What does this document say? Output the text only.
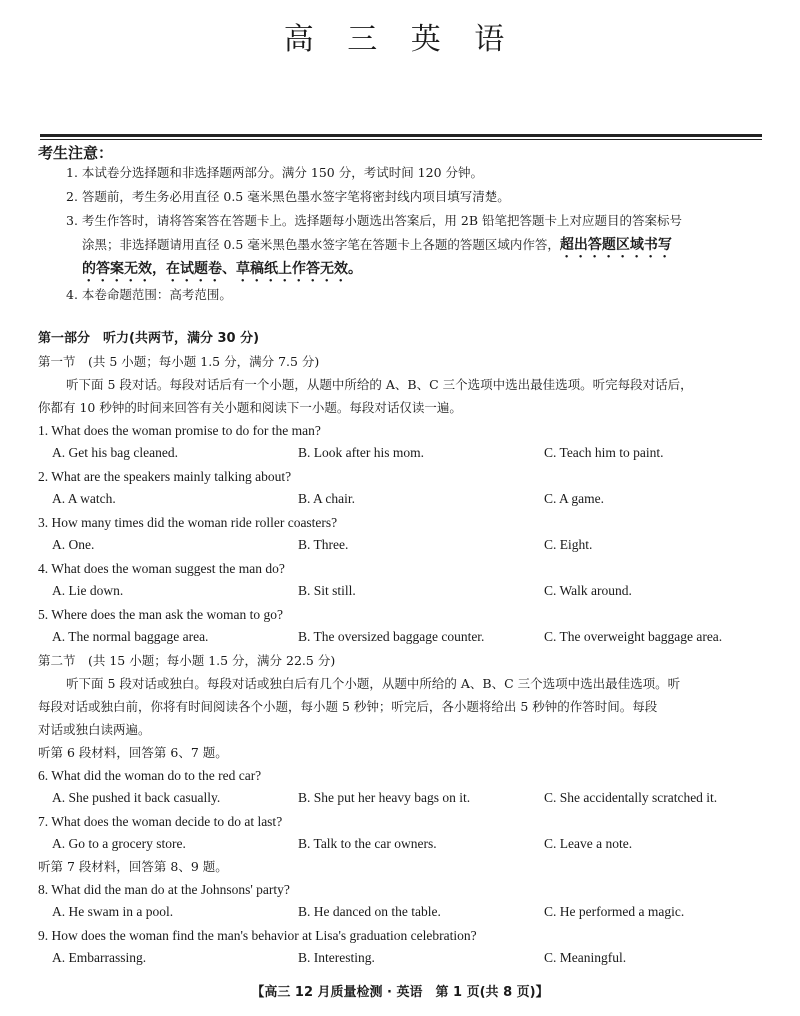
高 三 英 语
考生注意：
1. 本试卷分选择题和非选择题两部分。满分 150 分，考试时间 120 分钟。
2. 答题前，考生务必用直径 0.5 毫米黑色墨水签字笔将密封线内项目填写清楚。
3. 考生作答时，请将答案答在答题卡上。选择题每小题选出答案后，用 2B 铅笔把答题卡上对应题目的答案标号
涂黑；非选择题请用直径 0.5 毫米黑色墨水签字笔在答题卡上各题的答题区域内作答，超出答题区域书写
的答案无效，在试题卷、草稿纸上作答无效。
4. 本卷命题范围：高考范围。
第一部分　听力(共两节，满分 30 分)
第一节　(共 5 小题；每小题 1.5 分，满分 7.5 分)
听下面 5 段对话。每段对话后有一个小题，从题中所给的 A、B、C 三个选项中选出最佳选项。听完每段对话后，
你都有 10 秒钟的时间来回答有关小题和阅读下一小题。每段对话仅读一遍。
1. What does the woman promise to do for the man?
A. Get his bag cleaned.	B. Look after his mom.	C. Teach him to paint.
2. What are the speakers mainly talking about?
A. A watch.	B. A chair.	C. A game.
3. How many times did the woman ride roller coasters?
A. One.	B. Three.	C. Eight.
4. What does the woman suggest the man do?
A. Lie down.	B. Sit still.	C. Walk around.
5. Where does the man ask the woman to go?
A. The normal baggage area.	B. The oversized baggage counter.	C. The overweight baggage area.
第二节　(共 15 小题；每小题 1.5 分，满分 22.5 分)
听下面 5 段对话或独白。每段对话或独白后有几个小题，从题中所给的 A、B、C 三个选项中选出最佳选项。听
每段对话或独白前，你将有时间阅读各个小题，每小题 5 秒钟；听完后，各小题将给出 5 秒钟的作答时间。每段
对话或独白读两遍。
听第 6 段材料，回答第 6、7 题。
6. What did the woman do to the red car?
A. She pushed it back casually.	B. She put her heavy bags on it.	C. She accidentally scratched it.
7. What does the woman decide to do at last?
A. Go to a grocery store.	B. Talk to the car owners.	C. Leave a note.
听第 7 段材料，回答第 8、9 题。
8. What did the man do at the Johnsons' party?
A. He swam in a pool.	B. He danced on the table.	C. He performed a magic.
9. How does the woman find the man's behavior at Lisa's graduation celebration?
A. Embarrassing.	B. Interesting.	C. Meaningful.
【高三 12 月质量检测 · 英语　第 1 页(共 8 页)】
